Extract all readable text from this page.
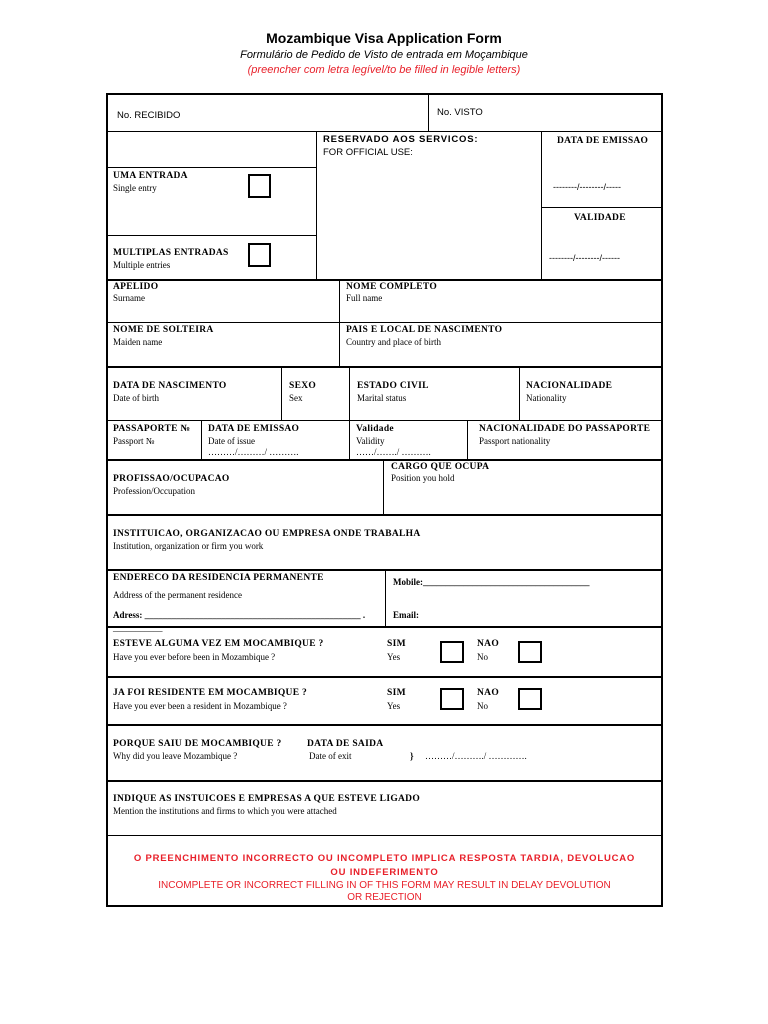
Mozambique Visa Application Form
Formulário de Pedido de Visto de entrada em Moçambique
(preencher com letra legível/to be filled in legible letters)
No. RECIBIDO	No. VISTO
RESERVADO AOS SERVICOS:
FOR OFFICIAL USE:
DATA DE EMISSAO
--------/--------/-----
VALIDADE
--------/--------/------
UMA ENTRADA
Single entry
MULTIPLAS ENTRADAS
Multiple entries
APELIDO
Surname
NOME COMPLETO
Full name
NOME DE SOLTEIRA
Maiden name
PAIS E LOCAL DE NASCIMENTO
Country and place of birth
DATA DE NASCIMENTO
Date of birth
SEXO
Sex
ESTADO CIVIL
Marital status
NACIONALIDADE
Nationality
PASSAPORTE №
Passport №
DATA DE EMISSAO
Date of issue
………/………/ ……….
Validade
Validity
……/……./ ……….
NACIONALIDADE DO PASSAPORTE
Passport nationality
PROFISSAO/OCUPACAO
Profession/Occupation
CARGO QUE OCUPA
Position you hold
INSTITUICAO, ORGANIZACAO OU EMPRESA ONDE TRABALHA
Institution, organization or firm you work
ENDERECO DA RESIDENCIA PERMANENTE
Address of the permanent residence
Adress: ________________________________________________ .
___________
Mobile:_____________________________________
Email:
ESTEVE ALGUMA VEZ EM MOCAMBIQUE ?
Have you ever before been in Mozambique ?
SIM
Yes
NAO
No
JA FOI RESIDENTE EM MOCAMBIQUE ?
Have you ever been a resident in Mozambique ?
SIM
Yes
NAO
No
PORQUE SAIU DE MOCAMBIQUE ?
Why did you leave Mozambique ?
DATA DE SAIDA
Date of exit	} ………/………./ ………….
INDIQUE AS INSTUICOES E EMPRESAS A QUE ESTEVE LIGADO
Mention the institutions and firms to which you were attached
O PREENCHIMENTO INCORRECTO OU INCOMPLETO IMPLICA RESPOSTA TARDIA, DEVOLUCAO
OU INDEFERIMENTO
INCOMPLETE OR INCORRECT FILLING IN OF THIS FORM MAY RESULT IN DELAY DEVOLUTION
OR REJECTION
